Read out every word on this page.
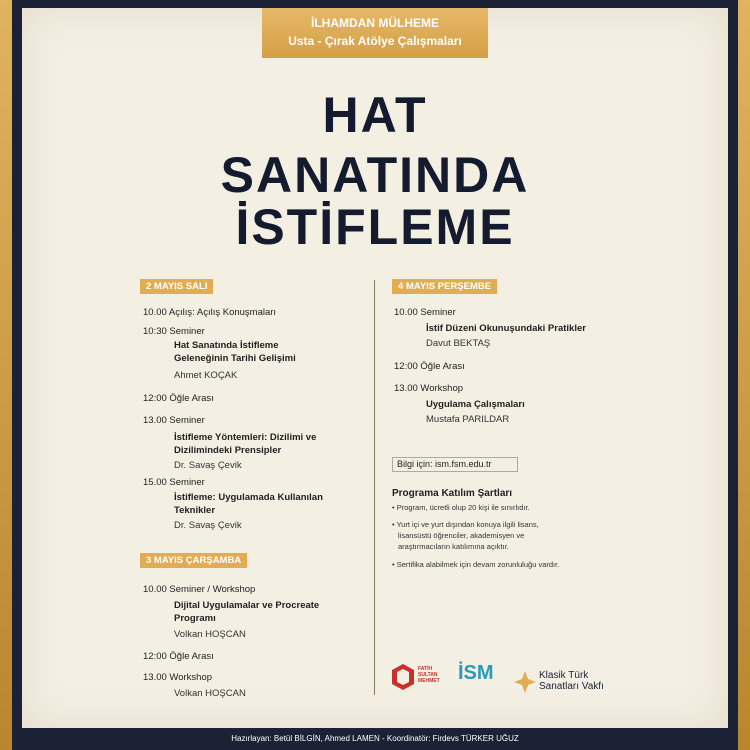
İLHAMDAN MÜLHEME
Usta - Çırak Atölye Çalışmaları
HAT
SANATINDA
İSTİFLEME
2 MAYIS SALI
10.00 Açılış: Açılış Konuşmaları
10:30 Seminer
Hat Sanatında İstifleme
Geleneğinin Tarihi Gelişimi
Ahmet KOÇAK
12:00 Öğle Arası
13.00 Seminer
İstifleme Yöntemleri: Dizilimi ve
Dizilimindeki Prensipler
Dr. Savaş Çevik
15.00 Seminer
İstifleme: Uygulamada Kullanılan
Teknikler
Dr. Savaş Çevik
3 MAYIS ÇARŞAMBA
10.00 Seminer / Workshop
Dijital Uygulamalar ve Procreate
Programı
Volkan HOŞCAN
12:00 Öğle Arası
13.00 Workshop
Volkan HOŞCAN
4 MAYIS PERŞEMBE
10.00 Seminer
İstif Düzeni Okunuşundaki Pratikler
Davut BEKTAŞ
12:00 Öğle Arası
13.00 Workshop
Uygulama Çalışmaları
Mustafa PARILDAR
Bilgi için: ism.fsm.edu.tr
Programa Katılım Şartları
• Program, ücretli olup 20 kişi ile sınırlıdır.
• Yurt içi ve yurt dışından konuya ilgili lisans,
lisansüstü öğrenciler, akademisyen ve
araştırmacıların katılımına açıktır.
• Sertifika alabilmek için devam zorunluluğu vardır.
FATİH SULTAN MEHMET İSM	Klasik Türk
Sanatları Vakfı
Hazırlayan: Betül BİLGİN, Ahmed LAMEN - Koordinatör: Firdevs TÜRKER UĞUZ
